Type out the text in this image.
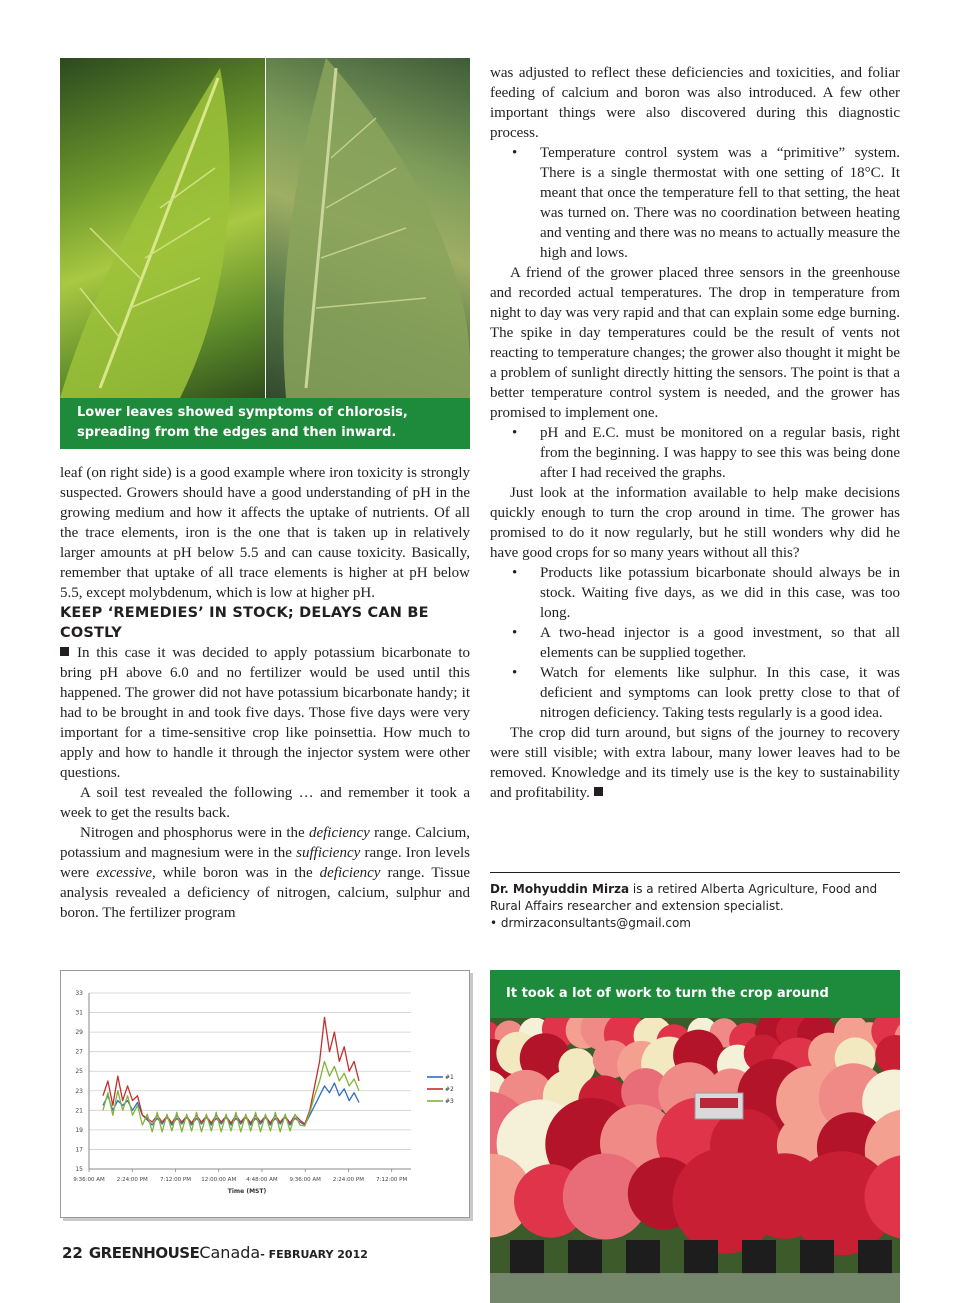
Lower leaves showed symptoms of chlorosis,
spreading from the edges and then inward.

leaf (on right side) is a good example where iron toxicity is strongly suspected. Growers should have a good understanding of pH in the growing medium and how it affects the uptake of nutrients. Of all the trace elements, iron is the one that is taken up in relatively larger amounts at pH below 5.5 and can cause toxicity. Basically, remember that uptake of all trace elements is higher at pH below 5.5, except molybdenum, which is low at higher pH.

KEEP ‘REMEDIES’ IN STOCK; DELAYS CAN BE COSTLY

In this case it was decided to apply potassium bicarbonate to bring pH above 6.0 and no fertilizer would be used until this happened. The grower did not have potassium bicarbonate handy; it had to be brought in and took five days. Those five days were very important for a time-sensitive crop like poinsettia. How much to apply and how to handle it through the injector system were other questions.

A soil test revealed the following … and remember it took a week to get the results back.

Nitrogen and phosphorus were in the deficiency range. Calcium, potassium and magnesium were in the sufficiency range. Iron levels were excessive, while boron was in the deficiency range. Tissue analysis revealed a deficiency of nitrogen, calcium, sulphur and boron. The fertilizer program

was adjusted to reflect these deficiencies and toxicities, and foliar feeding of calcium and boron was also introduced. A few other important things were also discovered during this diagnostic process.

• Temperature control system was a “primitive” system. There is a single thermostat with one setting of 18°C. It meant that once the temperature fell to that setting, the heat was turned on. There was no coordination between heating and venting and there was no means to actually measure the high and lows.

A friend of the grower placed three sensors in the greenhouse and recorded actual temperatures. The drop in temperature from night to day was very rapid and that can explain some edge burning. The spike in day temperatures could be the result of vents not reacting to temperature changes; the grower also thought it might be a problem of sunlight directly hitting the sensors. The point is that a better temperature control system is needed, and the grower has promised to implement one.

• pH and E.C. must be monitored on a regular basis, right from the beginning. I was happy to see this was being done after I had received the graphs.

Just look at the information available to help make decisions quickly enough to turn the crop around in time. The grower has promised to do it now regularly, but he still wonders why did he have good crops for so many years without all this?

• Products like potassium bicarbonate should always be in stock. Waiting five days, as we did in this case, was too long.

• A two-head injector is a good investment, so that all elements can be supplied together.

• Watch for elements like sulphur. In this case, it was deficient and symptoms can look pretty close to that of nitrogen deficiency. Taking tests regularly is a good idea.

The crop did turn around, but signs of the journey to recovery were still visible; with extra labour, many lower leaves had to be removed. Knowledge and its timely use is the key to sustainability and profitability.

Dr. Mohyuddin Mirza is a retired Alberta Agriculture, Food and Rural Affairs researcher and extension specialist.
• drmirzaconsultants@gmail.com
15
17
19
21
23
25
27
29
31
33
9:36:00 AM 2:24:00 PM 7:12:00 PM 12:00:00 AM 4:48:00 AM 9:36:00 AM 2:24:00 PM 7:12:00 PM
#1
#2
#3
Time (MST)
It took a lot of work to turn the crop around
22 GREENHOUSECanada- FEBRUARY 2012
